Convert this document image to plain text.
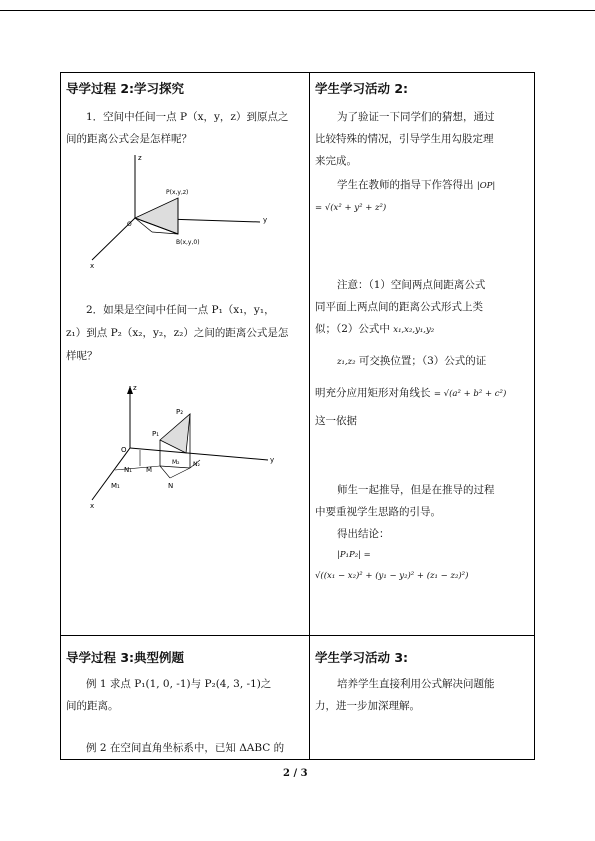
导学过程 2:学习探究
1．空间中任间一点 P（x，y，z）到原点之
间的距离公式会是怎样呢？
z
P(x,y,z)
y
B(x,y,0)
x
O
2．如果是空间中任间一点 P₁（x₁，y₁，
z₁）到点 P₂（x₂，y₂，z₂）之间的距离公式是怎
样呢？
z
P₁
P₂
O
N₁ M
M₂ N₂
y
M₁	N
x
学生学习活动 2:
为了验证一下同学们的猜想，通过
比较特殊的情况，引导学生用勾股定理
来完成。
学生在教师的指导下作答得出 |OP|
= √(x² + y² + z²)
注意：（1）空间两点间距离公式
同平面上两点间的距离公式形式上类
似；（2）公式中 x₁,x₂,y₁,y₂
z₁,z₂ 可交换位置；（3）公式的证
明充分应用矩形对角线长 = √(a² + b² + c²)
这一依据
师生一起推导，但是在推导的过程
中要重视学生思路的引导。
得出结论：
|P₁P₂| =
√((x₁ − x₂)² + (y₁ − y₂)² + (z₁ − z₂)²)
导学过程 3:典型例题
例 1 求点 P₁(1, 0, -1)与 P₂(4, 3, -1)之
间的距离。
例 2 在空间直角坐标系中，已知 ΔABC 的
学生学习活动 3:
培养学生直接利用公式解决问题能
力，进一步加深理解。
2 / 3
